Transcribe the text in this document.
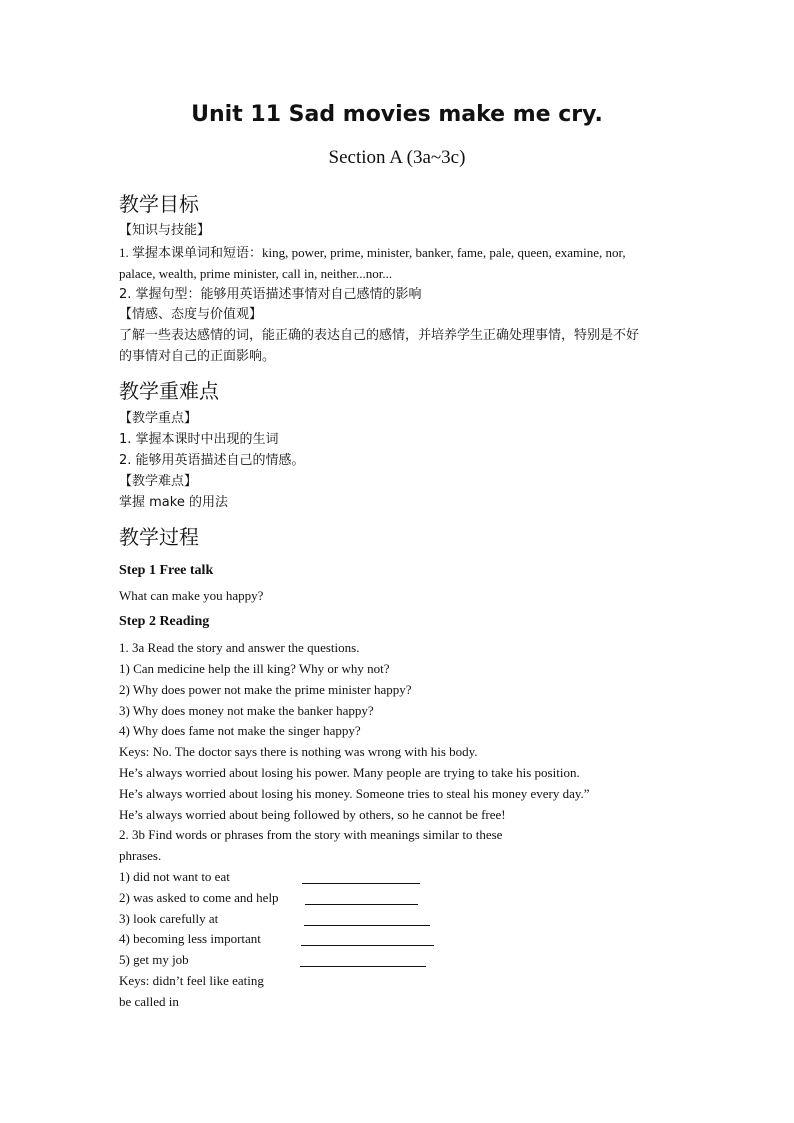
Unit 11 Sad movies make me cry.
Section A (3a~3c)
教学目标
【知识与技能】
1. 掌握本课单词和短语：king, power, prime, minister, banker, fame, pale, queen, examine, nor,
palace, wealth, prime minister, call in, neither...nor...
2. 掌握句型：能够用英语描述事情对自己感情的影响
【情感、态度与价值观】
了解一些表达感情的词，能正确的表达自己的感情，并培养学生正确处理事情，特别是不好
的事情对自己的正面影响。
教学重难点
【教学重点】
1. 掌握本课时中出现的生词
2. 能够用英语描述自己的情感。
【教学难点】
掌握 make 的用法
教学过程
Step 1 Free talk
What can make you happy?
Step 2 Reading
1. 3a Read the story and answer the questions.
1) Can medicine help the ill king? Why or why not?
2) Why does power not make the prime minister happy?
3) Why does money not make the banker happy?
4) Why does fame not make the singer happy?
Keys: No. The doctor says there is nothing was wrong with his body.
He’s always worried about losing his power. Many people are trying to take his position.
He’s always worried about losing his money. Someone tries to steal his money every day.”
He’s always worried about being followed by others, so he cannot be free!
2. 3b Find words or phrases from the story with meanings similar to these
phrases.
1) did not want to eat
2) was asked to come and help
3) look carefully at
4) becoming less important
5) get my job
Keys: didn’t feel like eating
be called in
